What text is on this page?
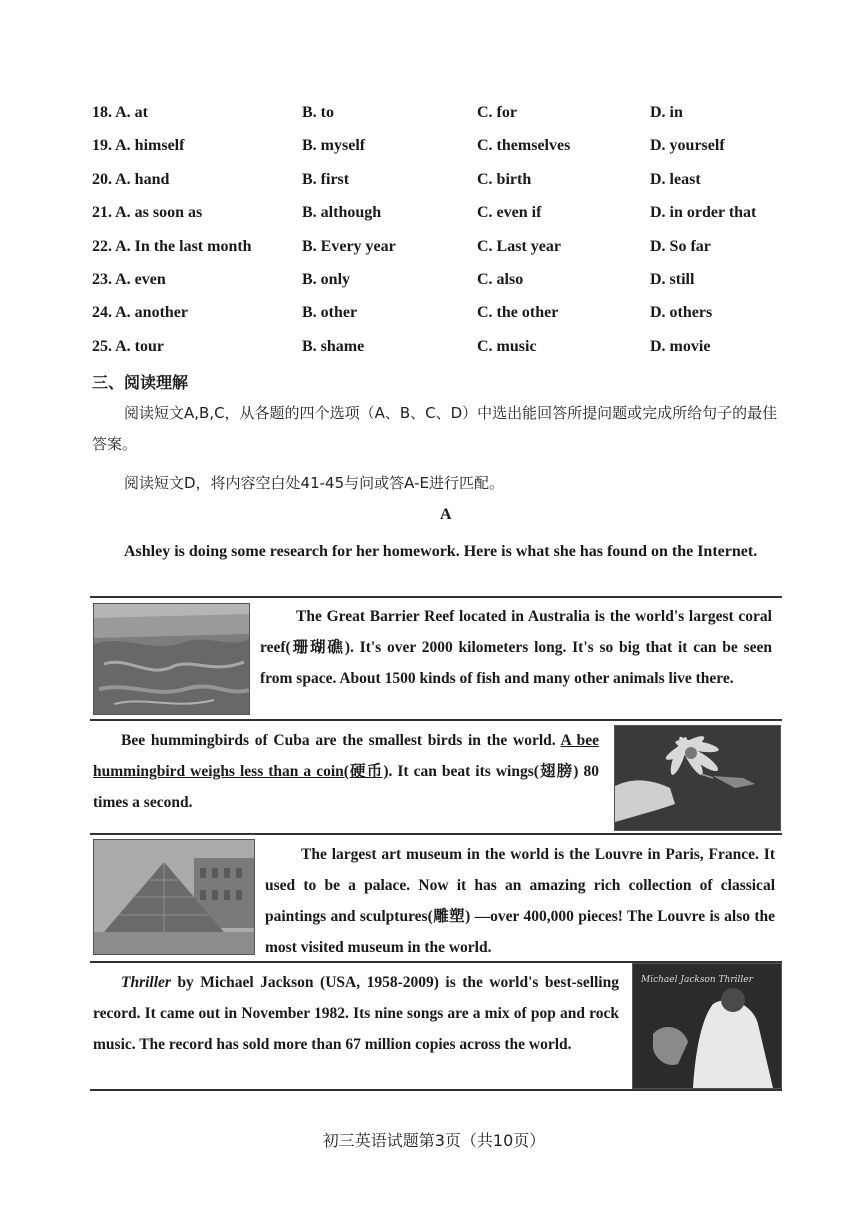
18. A. at	B. to	C. for	D. in
19. A. himself	B. myself	C. themselves	D. yourself
20. A. hand	B. first	C. birth	D. least
21. A. as soon as	B. although	C. even if	D. in order that
22. A. In the last month	B. Every year	C. Last year	D. So far
23. A. even	B. only	C. also	D. still
24. A. another	B. other	C. the other	D. others
25. A. tour	B. shame	C. music	D. movie
三、阅读理解
阅读短文A,B,C，从各题的四个选项（A、B、C、D）中选出能回答所提问题或完成所给句子的最佳答案。
阅读短文D，将内容空白处41-45与问或答A-E进行匹配。
A
Ashley is doing some research for her homework. Here is what she has found on the Internet.
The Great Barrier Reef located in Australia is the world's largest coral reef(珊瑚礁). It's over 2000 kilometers long. It's so big that it can be seen from space. About 1500 kinds of fish and many other animals live there.
Bee hummingbirds of Cuba are the smallest birds in the world. A bee hummingbird weighs less than a coin(硬币). It can beat its wings(翅膀) 80 times a second.
The largest art museum in the world is the Louvre in Paris, France. It used to be a palace. Now it has an amazing rich collection of classical paintings and sculptures(雕塑) —over 400,000 pieces! The Louvre is also the most visited museum in the world.
Thriller by Michael Jackson (USA, 1958-2009) is the world's best-selling record. It came out in November 1982. Its nine songs are a mix of pop and rock music. The record has sold more than 67 million copies across the world.
Michael Jackson Thriller
初三英语试题第3页（共10页）
